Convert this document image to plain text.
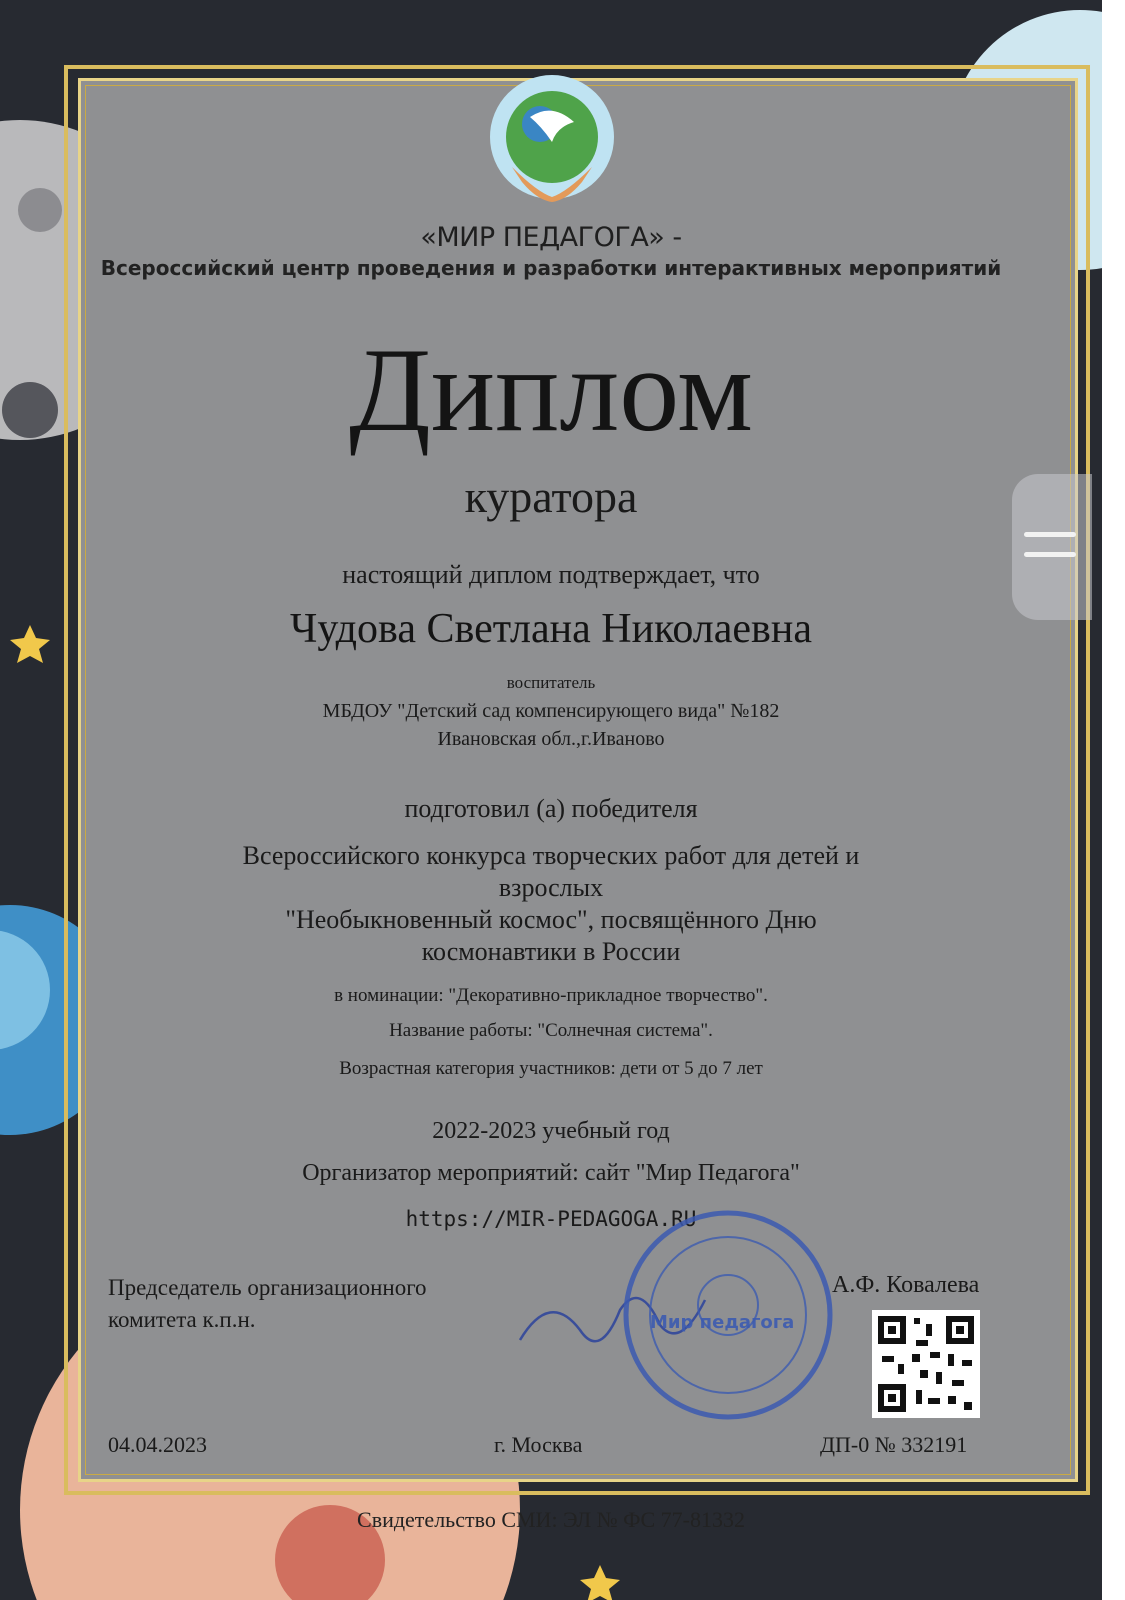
«МИР ПЕДАГОГА» -
Всероссийский центр проведения и разработки интерактивных мероприятий
Диплом
куратора
настоящий диплом подтверждает, что
Чудова Светлана Николаевна
воспитатель
МБДОУ "Детский сад компенсирующего вида" №182
Ивановская обл.,г.Иваново
подготовил (а) победителя
Всероссийского конкурса творческих работ для детей и
взрослых
"Необыкновенный космос", посвящённого Дню
космонавтики в России
в номинации: "Декоративно-прикладное творчество".
Название работы: "Солнечная система".
Возрастная категория участников: дети от 5 до 7 лет
2022-2023 учебный год
Организатор мероприятий: сайт "Мир Педагога"
https://MIR-PEDAGOGA.RU
Председатель организационного
комитета к.п.н.	Мир педагога
А.Ф. Ковалева
04.04.2023	г. Москва	ДП-0 № 332191
Свидетельство СМИ: ЭЛ № ФС 77-81332
